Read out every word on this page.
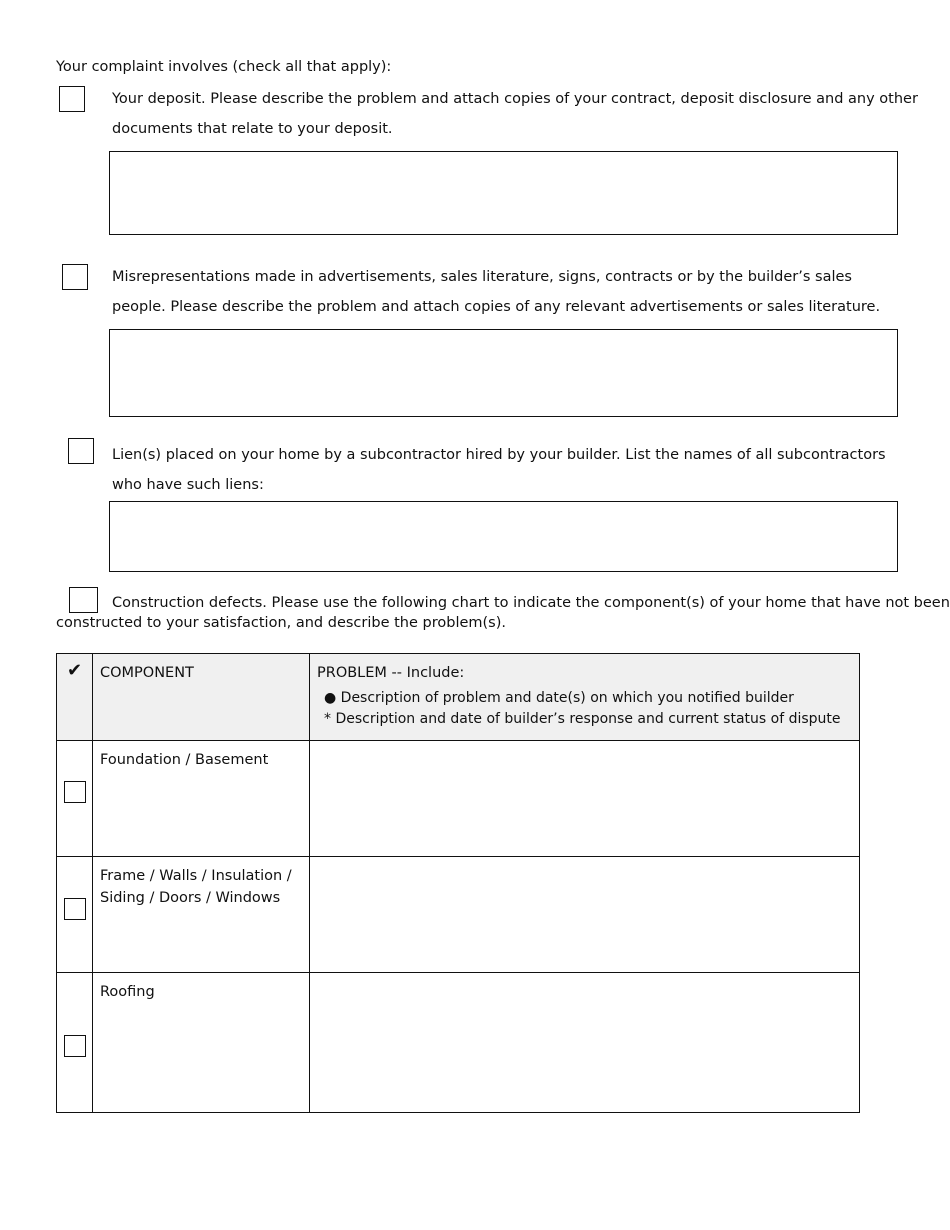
Your complaint involves (check all that apply):
Your deposit. Please describe the problem and attach copies of your contract, deposit disclosure and any other
documents that relate to your deposit.
Misrepresentations made in advertisements, sales literature, signs, contracts or by the builder’s sales
people. Please describe the problem and attach copies of any relevant advertisements or sales literature.
Lien(s) placed on your home by a subcontractor hired by your builder. List the names of all subcontractors
who have such liens:
Construction defects. Please use the following chart to indicate the component(s) of your home that have not been
constructed to your satisfaction, and describe the problem(s).
✔	COMPONENT	PROBLEM -- Include:
● Description of problem and date(s) on which you notified builder
* Description and date of builder’s response and current status of dispute

	Foundation / Basement	

	Frame / Walls / Insulation /
Siding / Doors / Windows	

	Roofing	
